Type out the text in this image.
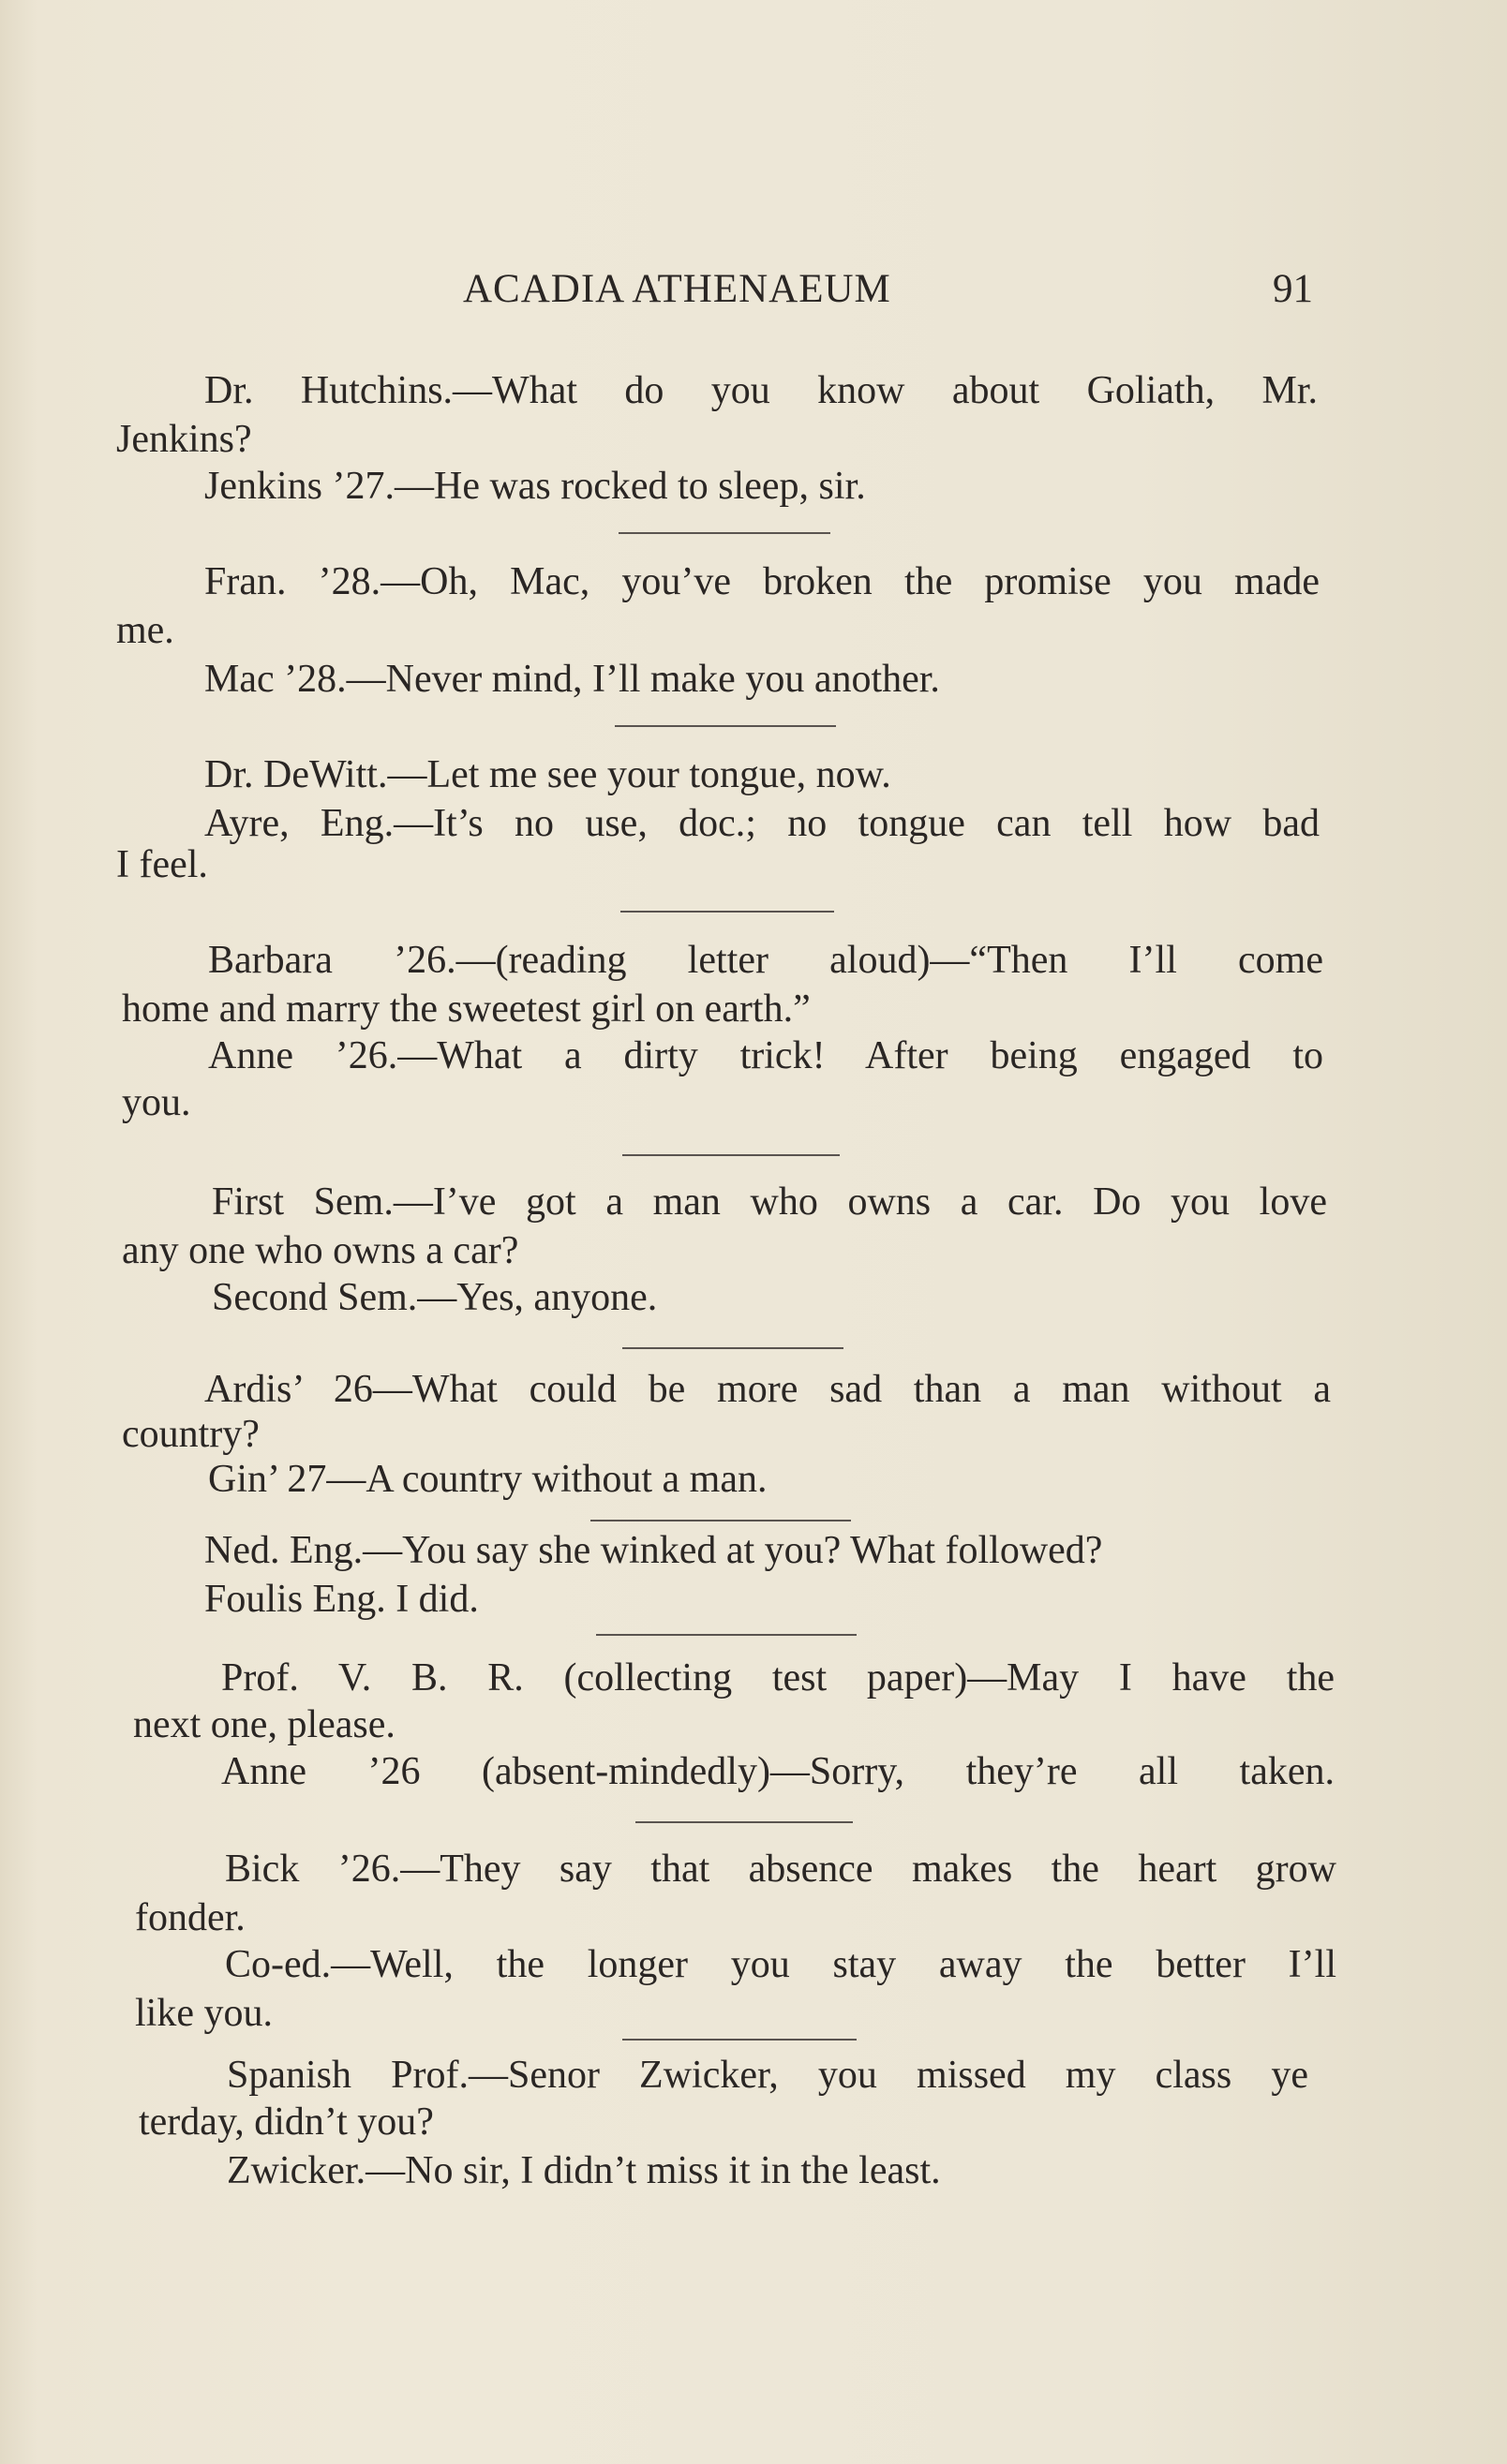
ACADIA ATHENAEUM	91
Dr. Hutchins.—What do you know about Goliath, Mr.
Jenkins?
Jenkins ’27.—He was rocked to sleep, sir.
Fran. ’28.—Oh, Mac, you’ve broken the promise you made
me.
Mac ’28.—Never mind, I’ll make you another.
Dr. DeWitt.—Let me see your tongue, now.
Ayre, Eng.—It’s no use, doc.; no tongue can tell how bad
I feel.
Barbara ’26.—(reading letter aloud)—“Then I’ll come
home and marry the sweetest girl on earth.”
Anne ’26.—What a dirty trick! After being engaged to
you.
First Sem.—I’ve got a man who owns a car. Do you love
any one who owns a car?
Second Sem.—Yes, anyone.
Ardis’ 26—What could be more sad than a man without a
country?
Gin’ 27—A country without a man.
Ned. Eng.—You say she winked at you? What followed?
Foulis Eng. I did.
Prof. V. B. R. (collecting test paper)—May I have the
next one, please.
Anne ’26 (absent-mindedly)—Sorry, they’re all taken.
Bick ’26.—They say that absence makes the heart grow
fonder.
Co-ed.—Well, the longer you stay away the better I’ll
like you.
Spanish Prof.—Senor Zwicker, you missed my class ye
terday, didn’t you?
Zwicker.—No sir, I didn’t miss it in the least.
